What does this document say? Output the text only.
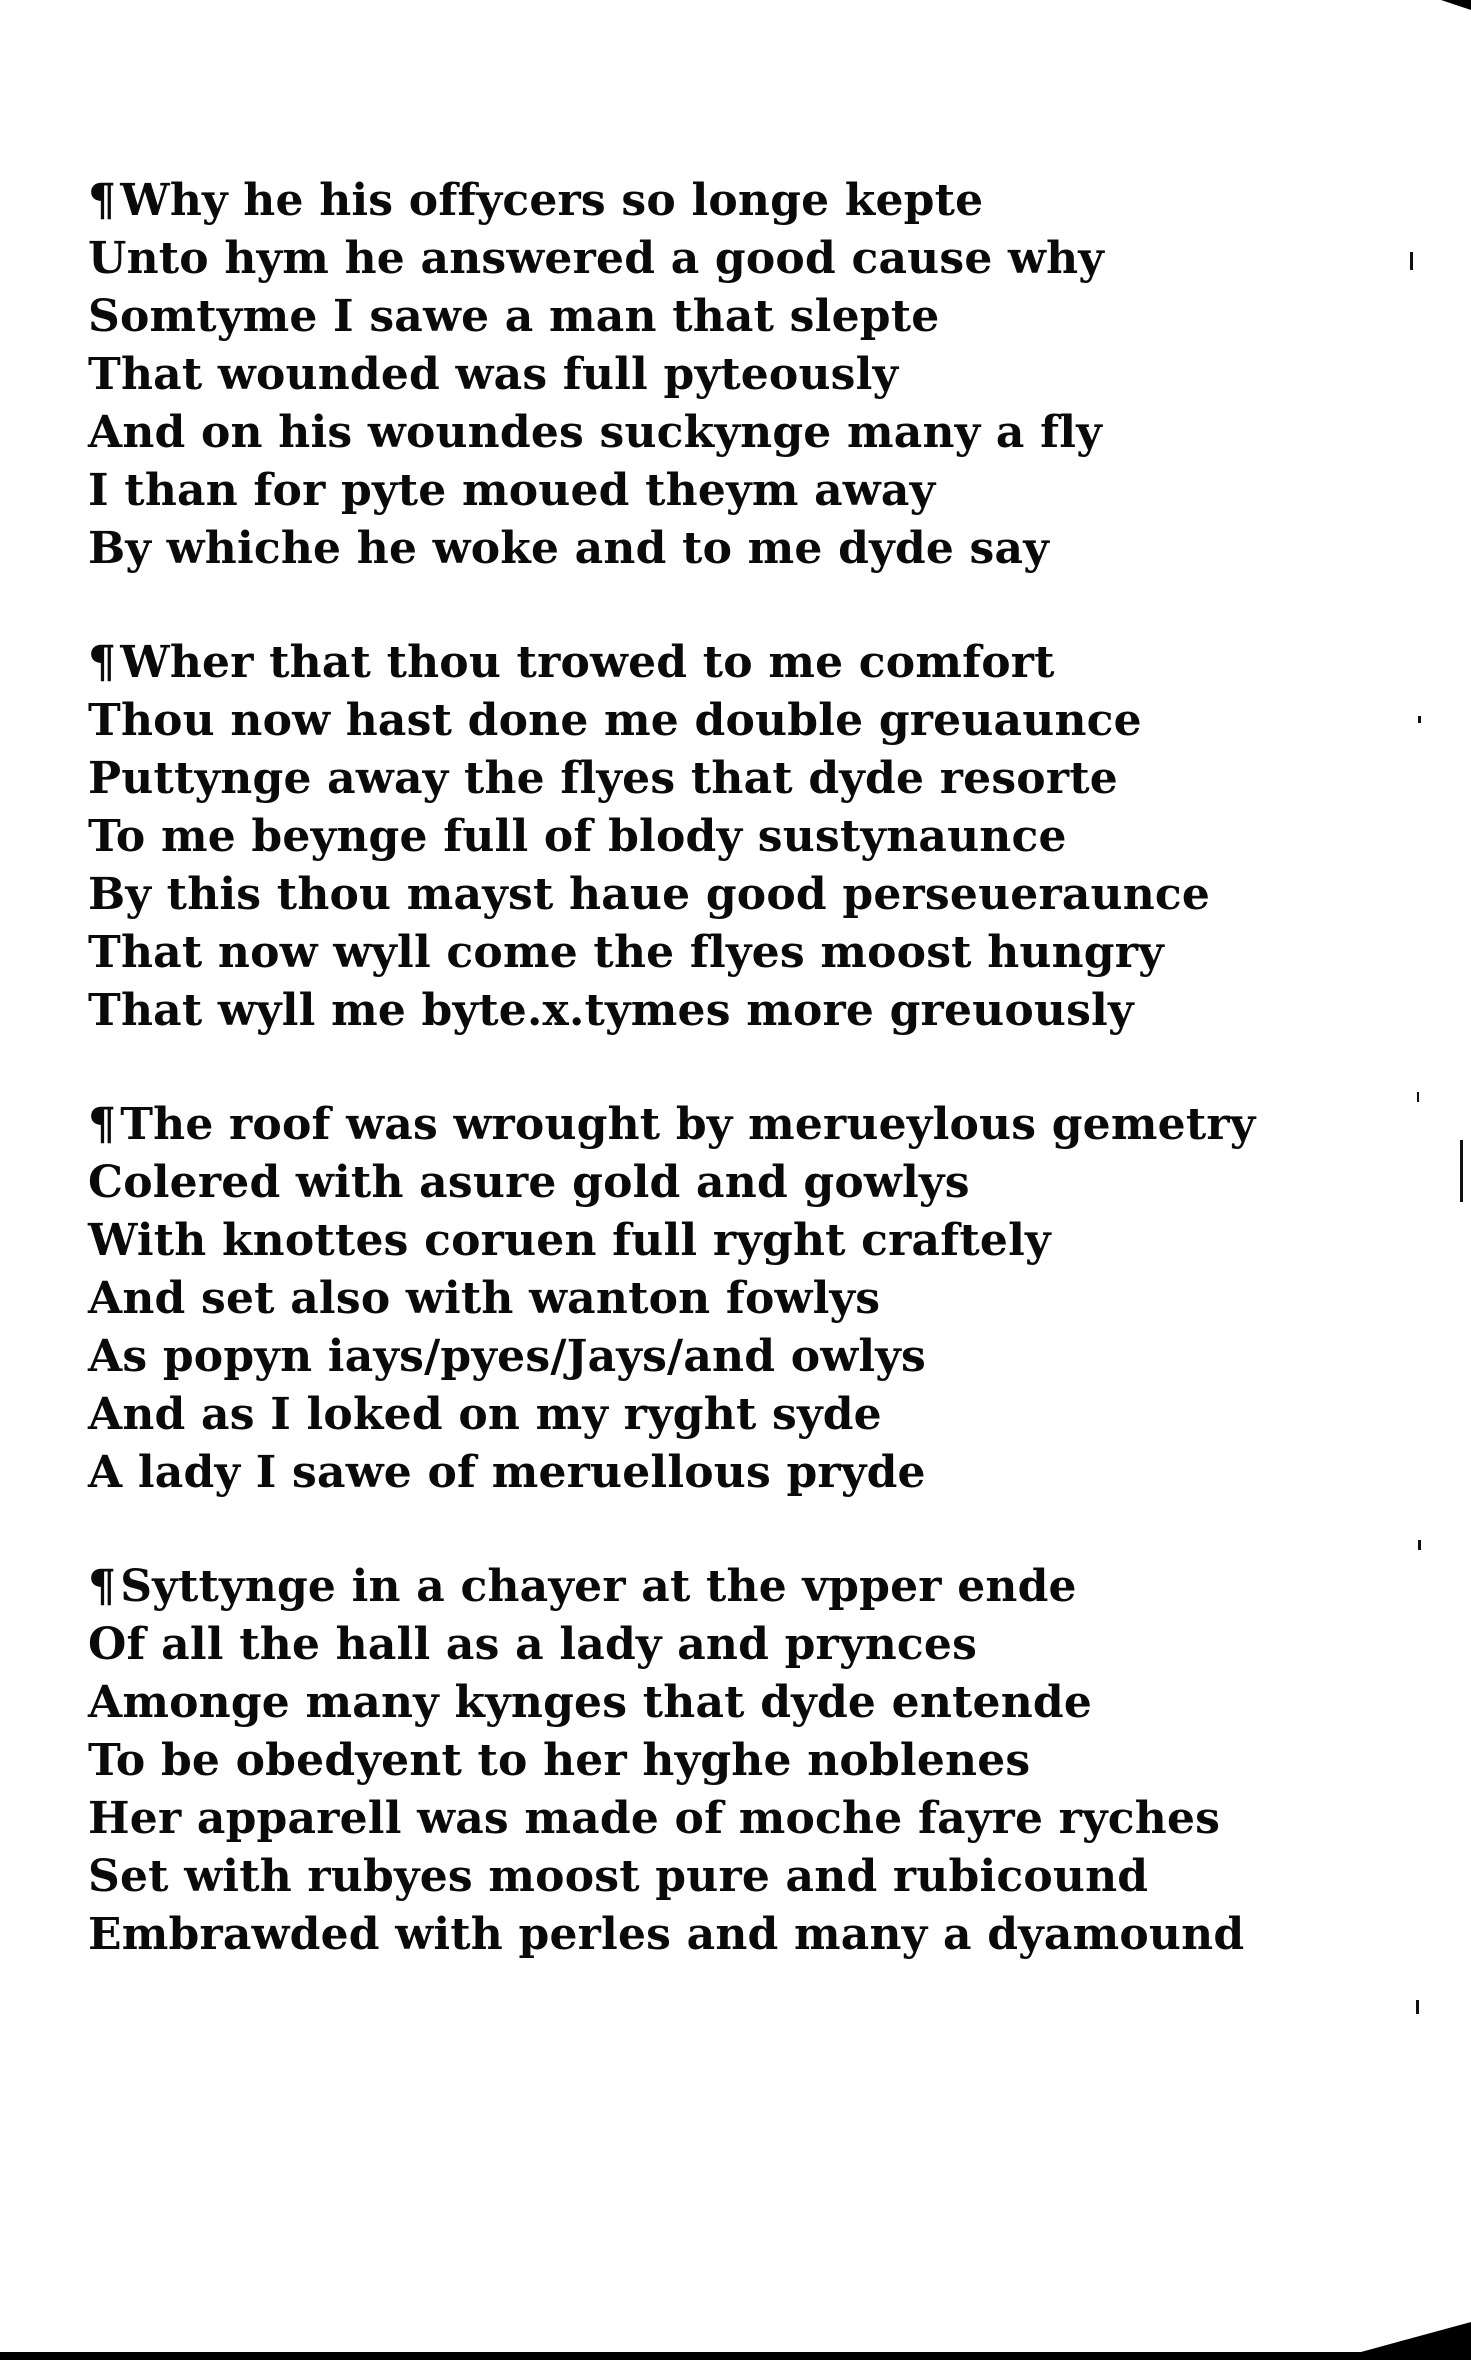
¶Why he his offycers so longe kepte
Unto hym he answered a good cause why
Somtyme I sawe a man that slepte
That wounded was full pyteously
And on his woundes suckynge many a fly
I than for pyte moued theym away
By whiche he woke and to me dyde say
¶Wher that thou trowed to me comfort
Thou now hast done me double greuaunce
Puttynge away the flyes that dyde resorte
To me beynge full of blody sustynaunce
By this thou mayst haue good perseueraunce
That now wyll come the flyes moost hungry
That wyll me byte.x.tymes more greuously
¶The roof was wrought by merueylous gemetry
Colered with asure gold and gowlys
With knottes coruen full ryght craftely
And set also with wanton fowlys
As popyn iays/pyes/Jays/and owlys
And as I loked on my ryght syde
A lady I sawe of meruellous pryde
¶Syttynge in a chayer at the vpper ende
Of all the hall as a lady and prynces
Amonge many kynges that dyde entende
To be obedyent to her hyghe noblenes
Her apparell was made of moche fayre ryches
Set with rubyes moost pure and rubicound
Embrawded with perles and many a dyamound
